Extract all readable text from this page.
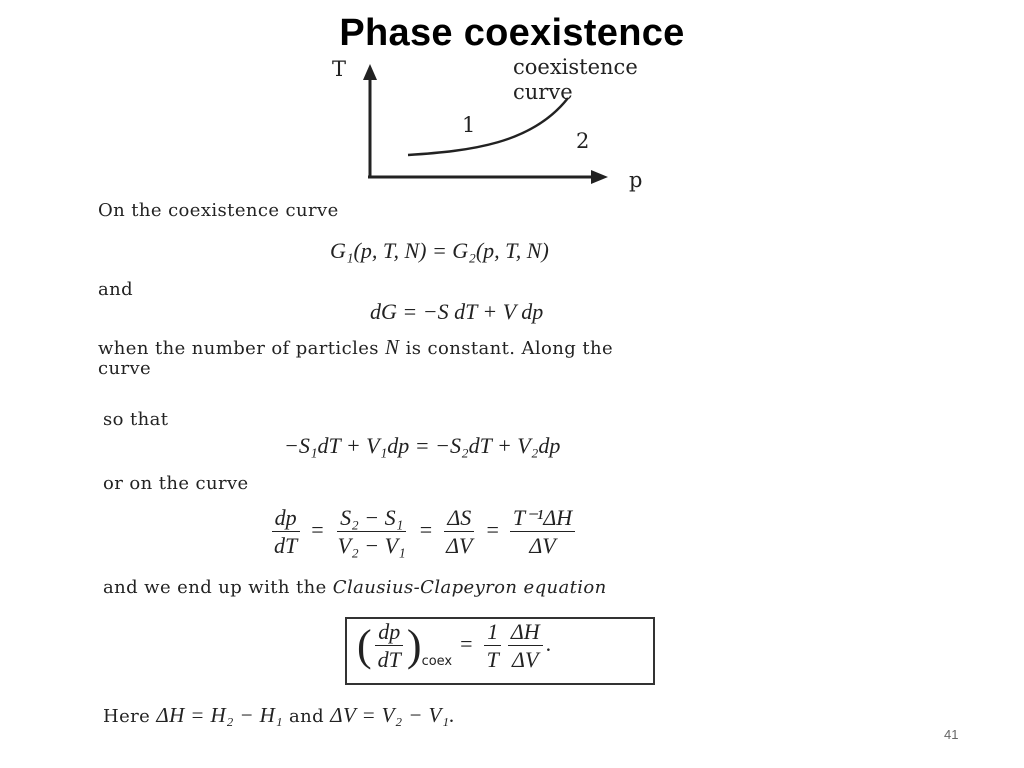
Phase coexistence
T
p
coexistence
curve
1
2
On the coexistence curve
G₁(p, T, N) = G₂(p, T, N)
and
dG = −S dT + V dp
when the number of particles N is constant. Along the
curve
so that
−S₁dT + V₁dp = −S₂dT + V₂dp
or on the curve
$\frac{dp}{dT} = \frac{\text{S₂ − S₁}}{\text{V₂ − V₁}} = \frac{\Delta S}{\Delta V} = \frac{\text{T⁻¹ΔH}}{\Delta V}$
and we end up with the Clausius-Clapeyron equation
( $\frac{dp}{dT} )_{coex}= \frac{1}{T} \frac{\Delta H}{\Delta V}$ .
Here ΔH = H₂ − H₁ and ΔV = V₂ − V₁.
41
